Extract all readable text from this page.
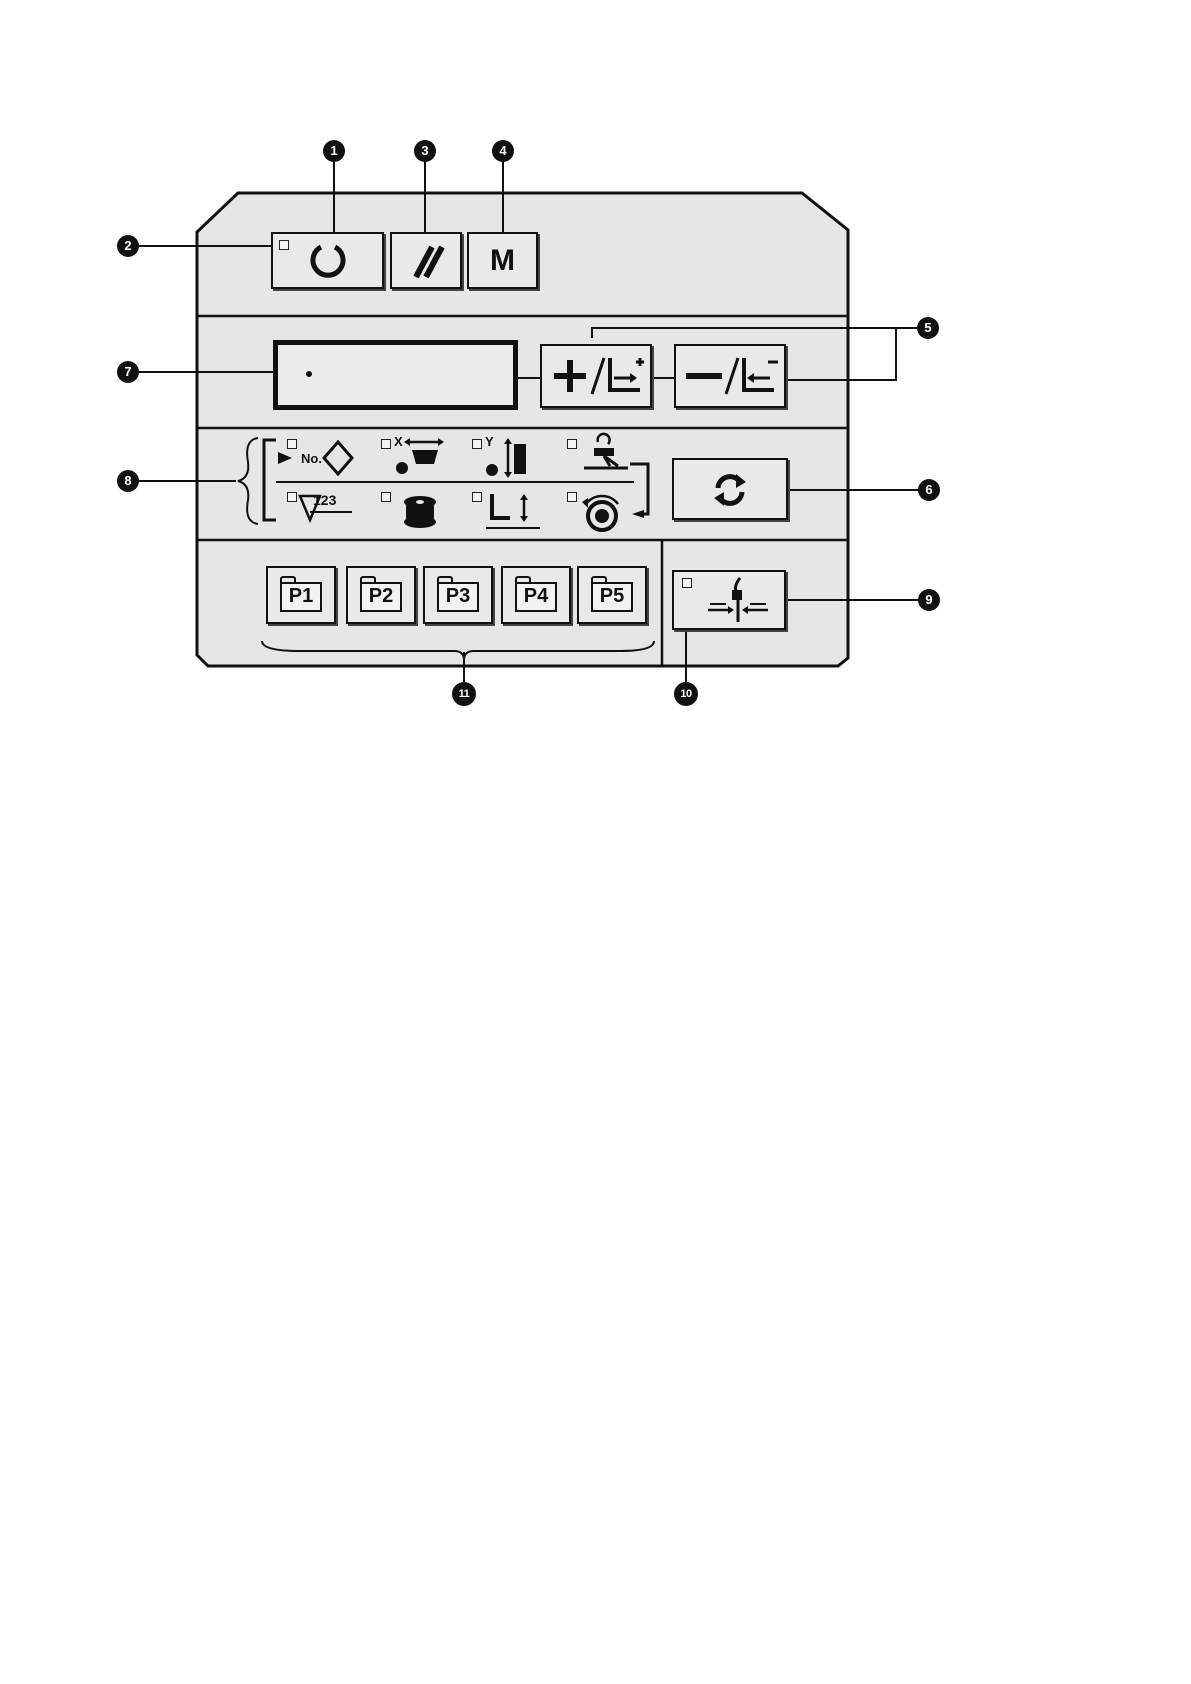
1
2
3	4
5
6
7
8
9
10
11
M
No.
X	Y
123
P1	P2	P3	P4	P5
